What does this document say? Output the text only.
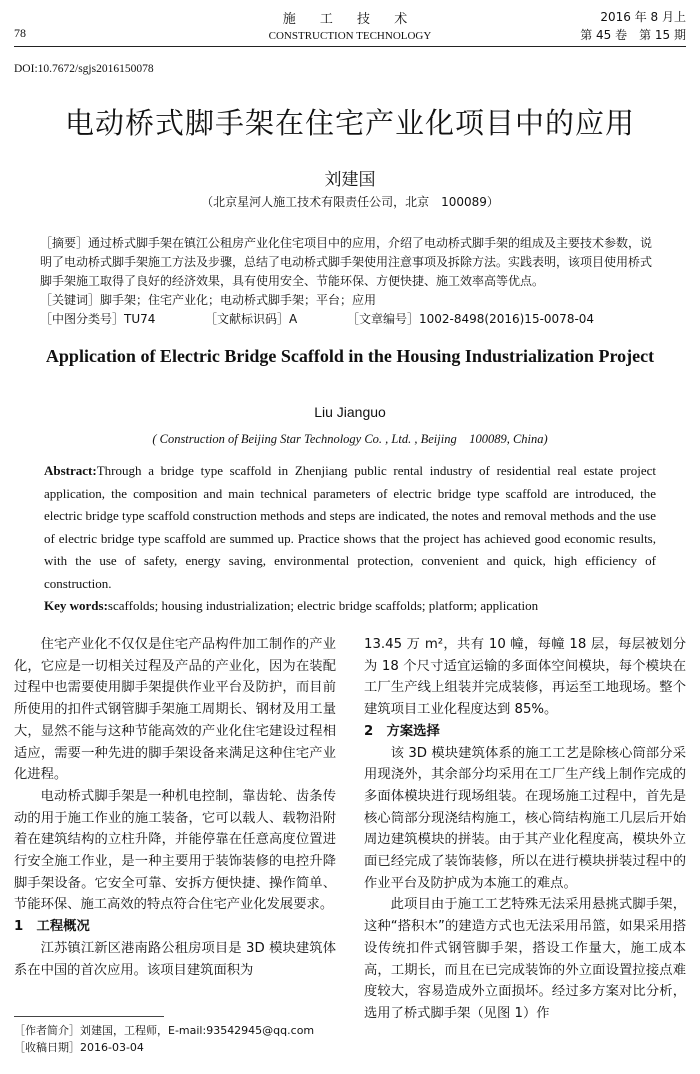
78
施 工 技 术
CONSTRUCTION TECHNOLOGY
2016 年 8 月上
第 45 卷　第 15 期
DOI:10.7672/sgjs2016150078
电动桥式脚手架在住宅产业化项目中的应用
刘建国
（北京星河人施工技术有限责任公司，北京　100089）

［摘要］通过桥式脚手架在镇江公租房产业化住宅项目中的应用，介绍了电动桥式脚手架的组成及主要技术参数，说明了电动桥式脚手架施工方法及步骤，总结了电动桥式脚手架使用注意事项及拆除方法。实践表明，该项目使用桥式脚手架施工取得了良好的经济效果，具有使用安全、节能环保、方便快捷、施工效率高等优点。

［关键词］脚手架；住宅产业化；电动桥式脚手架；平台；应用

［中图分类号］TU74	［文献标识码］A	［文章编号］1002-8498(2016)15-0078-04
Application of Electric Bridge Scaffold in the Housing Industrialization Project
Liu Jianguo
( Construction of Beijing Star Technology Co. , Ltd. , Beijing　100089, China)

Abstract:Through a bridge type scaffold in Zhenjiang public rental industry of residential real estate project application, the composition and main technical parameters of electric bridge type scaffold are introduced, the electric bridge type scaffold construction methods and steps are indicated, the notes and removal methods and the use of electric bridge type scaffold are summed up. Practice shows that the project has achieved good economic results, with the use of safety, energy saving, environmental protection, convenient and quick, high efficiency of construction.

Key words:scaffolds; housing industrialization; electric bridge scaffolds; platform; application

住宅产业化不仅仅是住宅产品构件加工制作的产业化，它应是一切相关过程及产品的产业化，因为在装配过程中也需要使用脚手架提供作业平台及防护，而目前所使用的扣件式钢管脚手架施工周期长、钢材及用工量大，显然不能与这种节能高效的产业化住宅建设过程相适应，需要一种先进的脚手架设备来满足这种住宅产业化进程。

电动桥式脚手架是一种机电控制，靠齿轮、齿条传动的用于施工作业的施工装备，它可以载人、载物沿附着在建筑结构的立柱升降，并能停靠在任意高度位置进行安全施工作业，是一种主要用于装饰装修的电控升降脚手架设备。它安全可靠、安拆方便快捷、操作简单、节能环保、施工高效的特点符合住宅产业化发展要求。

1　工程概况

江苏镇江新区港南路公租房项目是 3D 模块建筑体系在中国的首次应用。该项目建筑面积为

13.45 万 m²，共有 10 幢，每幢 18 层，每层被划分为 18 个尺寸适宜运输的多面体空间模块，每个模块在工厂生产线上组装并完成装修，再运至工地现场。整个建筑项目工业化程度达到 85%。

2　方案选择

该 3D 模块建筑体系的施工工艺是除核心筒部分采用现浇外，其余部分均采用在工厂生产线上制作完成的多面体模块进行现场组装。在现场施工过程中，首先是核心筒部分现浇结构施工，核心筒结构施工几层后开始周边建筑模块的拼装。由于其产业化程度高，模块外立面已经完成了装饰装修，所以在进行模块拼装过程中的作业平台及防护成为本施工的难点。

此项目由于施工工艺特殊无法采用悬挑式脚手架，这种“搭积木”的建造方式也无法采用吊篮，如果采用搭设传统扣件式钢管脚手架，搭设工作量大，施工成本高，工期长，而且在已完成装饰的外立面设置拉接点难度较大，容易造成外立面损坏。经过多方案对比分析，选用了桥式脚手架（见图 1）作

［作者简介］刘建国，工程师，E-mail:93542945@qq.com
［收稿日期］2016-03-04
